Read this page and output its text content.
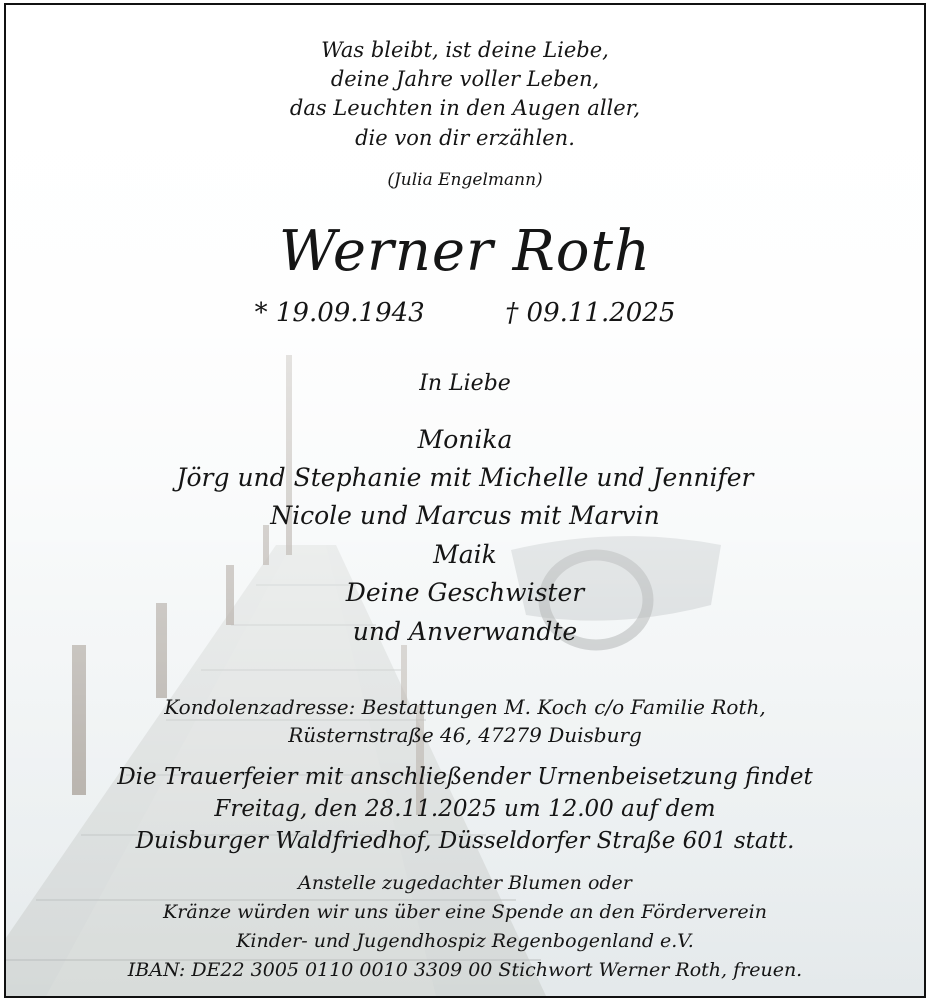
Was bleibt, ist deine Liebe,
deine Jahre voller Leben,
das Leuchten in den Augen aller,
die von dir erzählen.
(Julia Engelmann)
Werner Roth
* 19.09.1943	† 09.11.2025
In Liebe
Monika
Jörg und Stephanie mit Michelle und Jennifer
Nicole und Marcus mit Marvin
Maik
Deine Geschwister
und Anverwandte
Kondolenzadresse: Bestattungen M. Koch c/o Familie Roth,
Rüsternstraße 46, 47279 Duisburg
Die Trauerfeier mit anschließender Urnenbeisetzung findet
Freitag, den 28.11.2025 um 12.00 auf dem
Duisburger Waldfriedhof, Düsseldorfer Straße 601 statt.
Anstelle zugedachter Blumen oder
Kränze würden wir uns über eine Spende an den Förderverein
Kinder- und Jugendhospiz Regenbogenland e.V.
IBAN: DE22 3005 0110 0010 3309 00 Stichwort Werner Roth, freuen.
